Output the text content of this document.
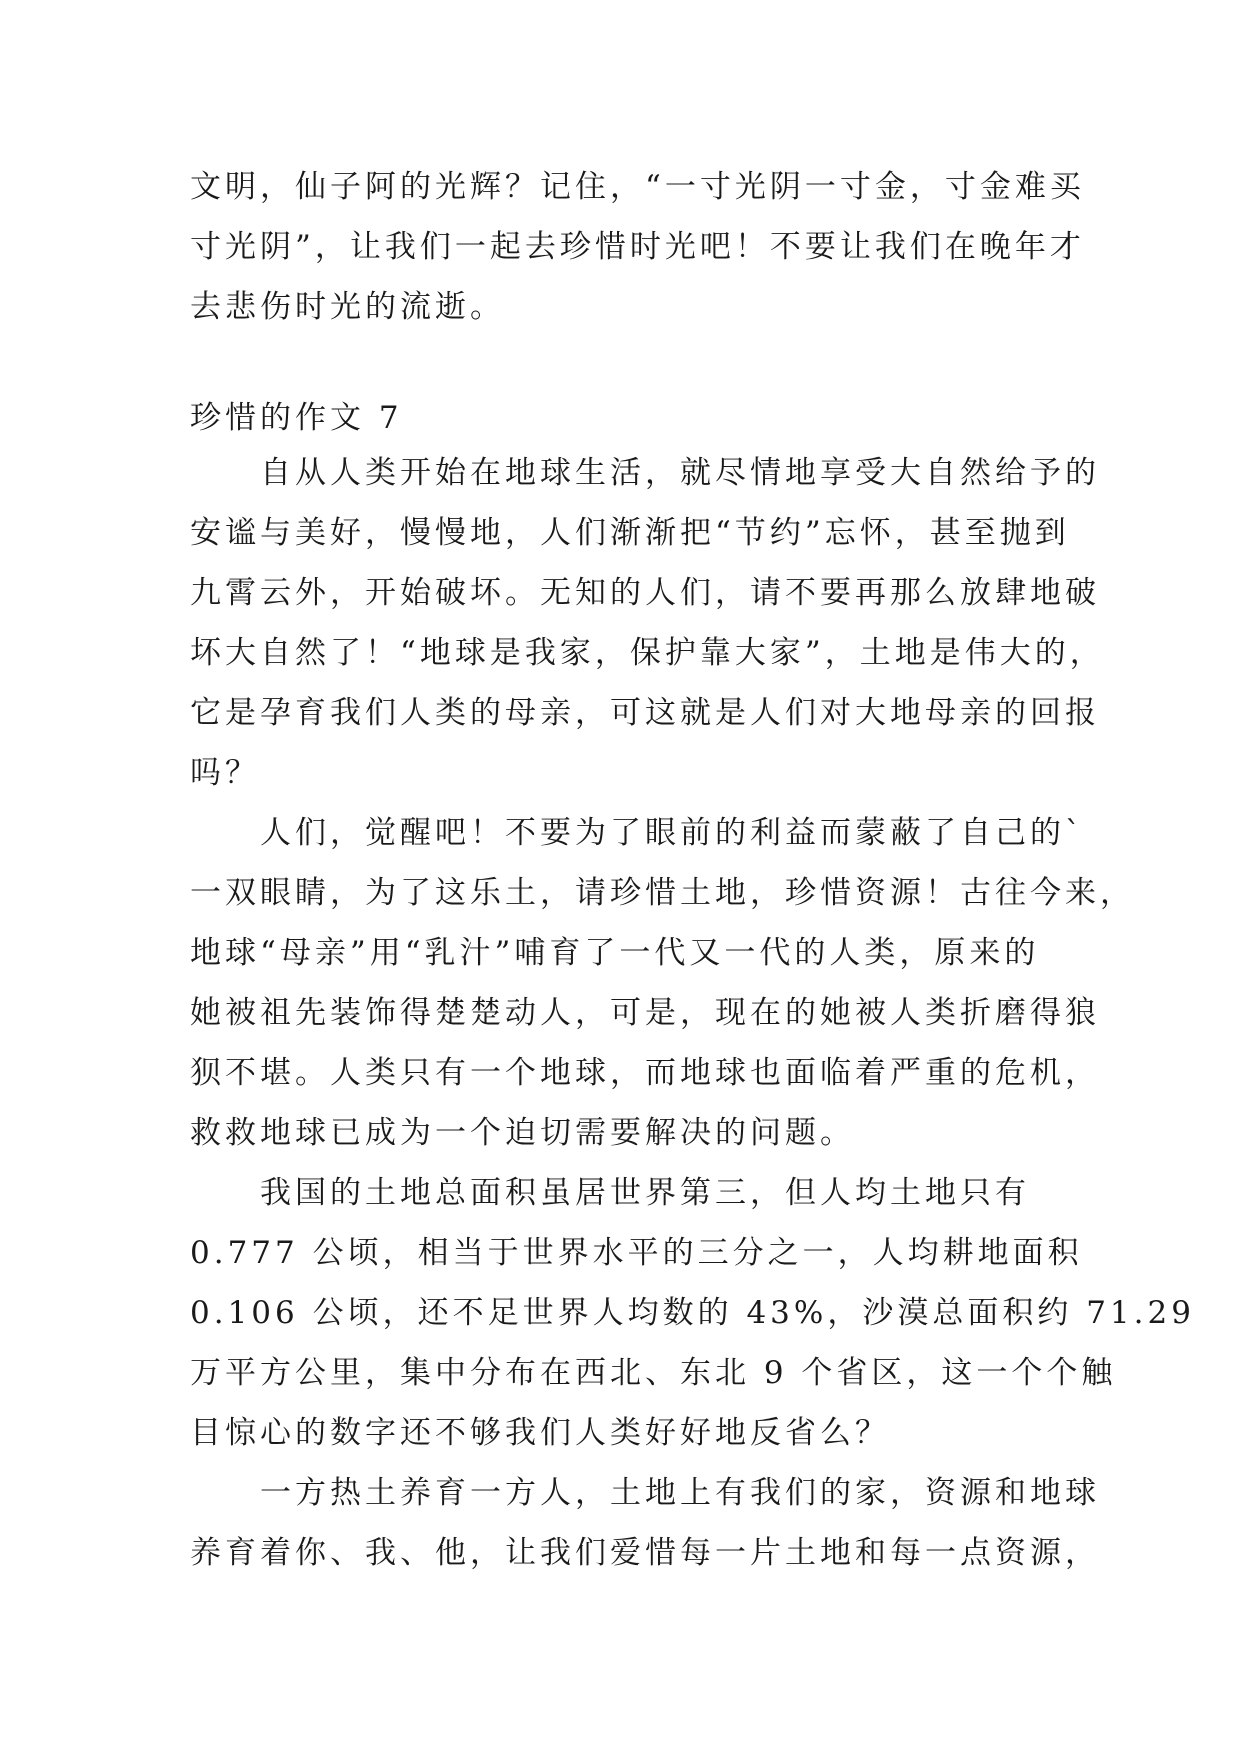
文明，仙子阿的光辉？记住，“一寸光阴一寸金，寸金难买
寸光阴”，让我们一起去珍惜时光吧！不要让我们在晚年才
去悲伤时光的流逝。
珍惜的作文 7
　　自从人类开始在地球生活，就尽情地享受大自然给予的
安谧与美好，慢慢地，人们渐渐把“节约”忘怀，甚至抛到
九霄云外，开始破坏。无知的人们，请不要再那么放肆地破
坏大自然了！“地球是我家，保护靠大家”，土地是伟大的，
它是孕育我们人类的母亲，可这就是人们对大地母亲的回报
吗？
　　人们，觉醒吧！不要为了眼前的利益而蒙蔽了自己的`
一双眼睛，为了这乐土，请珍惜土地，珍惜资源！古往今来，
地球“母亲”用“乳汁”哺育了一代又一代的人类，原来的
她被祖先装饰得楚楚动人，可是，现在的她被人类折磨得狼
狈不堪。人类只有一个地球，而地球也面临着严重的危机，
救救地球已成为一个迫切需要解决的问题。
　　我国的土地总面积虽居世界第三，但人均土地只有
0.777 公顷，相当于世界水平的三分之一，人均耕地面积
0.106 公顷，还不足世界人均数的 43%，沙漠总面积约 71.29
万平方公里，集中分布在西北、东北 9 个省区，这一个个触
目惊心的数字还不够我们人类好好地反省么？
　　一方热土养育一方人，土地上有我们的家，资源和地球
养育着你、我、他，让我们爱惜每一片土地和每一点资源，
